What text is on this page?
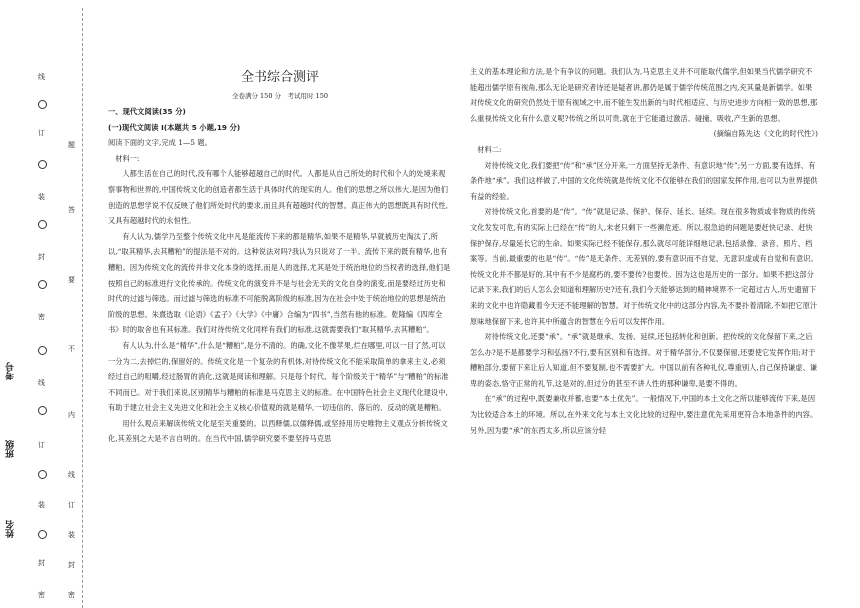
线
订
装
封
密
线
订
装
封
密
题
答
要
不
内
线
订
装
封
密
考号
班级
姓名
全书综合测评
全卷满分 150 分　考试用时 150

一、现代文阅读(35 分)

(一)现代文阅读 Ⅰ(本题共 5 小题,19 分)

阅读下面的文字,完成 1—5 题。

材料一:

人都生活在自己的时代,没有哪个人能够超越自己的时代。人都是从自己所处的时代和个人的处境来观察事物和世界的,中国传统文化的创造者都生活于具体时代的现实的人。他们的思想之所以伟大,是因为他们创造的思想学说不仅反映了他们所处时代的要求,而且具有超越时代的智慧。真正伟大的思想既具有时代性,又具有超越时代的永恒性。

有人认为,儒学乃至整个传统文化中凡是能流传下来的都是精华,如果不是精华,早就被历史淘汰了,所以,“取其精华,去其糟粕”的提法是不对的。这种说法对吗?我认为只说对了一半。流传下来的既有精华,也有糟粕。因为传统文化的流传并非文化本身的选择,而是人的选择,尤其是处于统治地位的当权者的选择,他们是按照自己的标准进行文化传承的。传统文化的演变并不是与社会无关的文化自身的演变,而是要经过历史和时代的过滤与筛选。而过滤与筛选的标准不可能脱离阶级的标准,因为在社会中处于统治地位的思想是统治阶级的思想。朱熹选取《论语》《孟子》《大学》《中庸》合编为“四书”,当然有他的标准。乾隆编《四库全书》时的取舍也有其标准。我们对待传统文化同样有我们的标准,这就需要我们“取其精华,去其糟粕”。

有人认为,什么是“精华”,什么是“糟粕”,是分不清的。的确,文化不像苹果,烂在哪里,可以一目了然,可以一分为二,去掉烂的,保留好的。传统文化是一个复杂的有机体,对待传统文化不能采取简单的拿来主义,必须经过自己的咀嚼,经过肠胃的消化,这就是阅读和理解。只是每个时代、每个阶级关于“精华”与“糟粕”的标准不同而已。对于我们来说,区别精华与糟粕的标准是马克思主义的标准。在中国特色社会主义现代化建设中,有助于建立社会主义先进文化和社会主义核心价值观的就是精华,一切违信的、落后的、反动的就是糟粕。

用什么观点来解读传统文化是至关重要的。以西释儒,以儒释儒,或坚持用历史唯物主义观点分析传统文化,其差别之大是不言自明的。在当代中国,儒学研究要不要坚持马克思

主义的基本理论和方法,是个有争议的问题。我们认为,马克思主义并不可能取代儒学,但如果当代儒学研究不能超出儒学原有视角,那么无论是研究者诗还是疑者讲,都仍是属于儒学传统范围之内,充其量是新儒学。如果对传统文化的研究仍然处于原有视域之中,而不能生发出新的与时代相适应、与历史进步方向相一致的思想,那么重视传统文化有什么意义呢?传统之所以可贵,就在于它能通过激活、碰撞、吸收,产生新的思想。

(摘编自陈先达《文化的时代性》)

材料二:

对待传统文化,我们要把“传”和“承”区分开来,一方面坚持无条件、有意识地“传”;另一方面,要有选择、有条件地“承”。我们这样做了,中国的文化传统就是传统文化不仅能够在我们的国家发挥作用,也可以为世界提供有益的经验。

对待传统文化,首要的是“传”。“传”就是记录、保护、保存、延长、延续。现在很多物质或非物质的传统文化发发可危,有的实际上已经在“传”的人,未老只剩下一些濒危迹。所以,很急迫的问题是要赶快记录、赶快保护保存,尽量延长它的生命。如果实际已经不能保存,那么就尽可能详细地记录,包括录像、录音、照片、档案等。当前,最重要的也是“传”。“传”是无条件、无差别的,要有意识而不自觉、无意识虚或有自觉和有意识。传统文化并不都是好的,其中有不少是腐朽的,要不要传?也要传。因为这也是历史的一部分。如果不把这部分记录下来,我们的后人怎么会知道和理解历史?还有,我们今天能够达到的精神境界不一定超过古人,历史遗留下来的文化中也许隐藏着今天还不能理解的智慧。对于传统文化中的这部分内容,先不要扑着清除,不如把它原汁原味地保留下来,也许其中所蕴含的智慧在今后可以发挥作用。

对待传统文化,还要“承”。“承”就是继承、发扬、延续,还包括转化和创新。把传统的文化保留下来,之后怎么办?是不是都要学习和弘扬?不行,要有区别和有选择。对于精华部分,不仅要保留,还要使它发挥作用;对于糟粕部分,要留下来让后人知道,但不要复制,也不需要扩大。中国以前有各种礼仪,尊重别人,自己保持谦虚、谦卑的姿态,恪守正常的礼节,这是对的,但过分的甚至不讲人性的那种谦卑,是要不得的。

在“承”的过程中,既要兼收并蓄,也要“本土优先”。一般情况下,中国的本土文化之所以能够流传下来,是因为比较适合本土的环境。所以,在外来文化与本土文化比较的过程中,要注意优先采用更符合本地条件的内容。另外,因为要“承”的东西太多,所以应该分轻
